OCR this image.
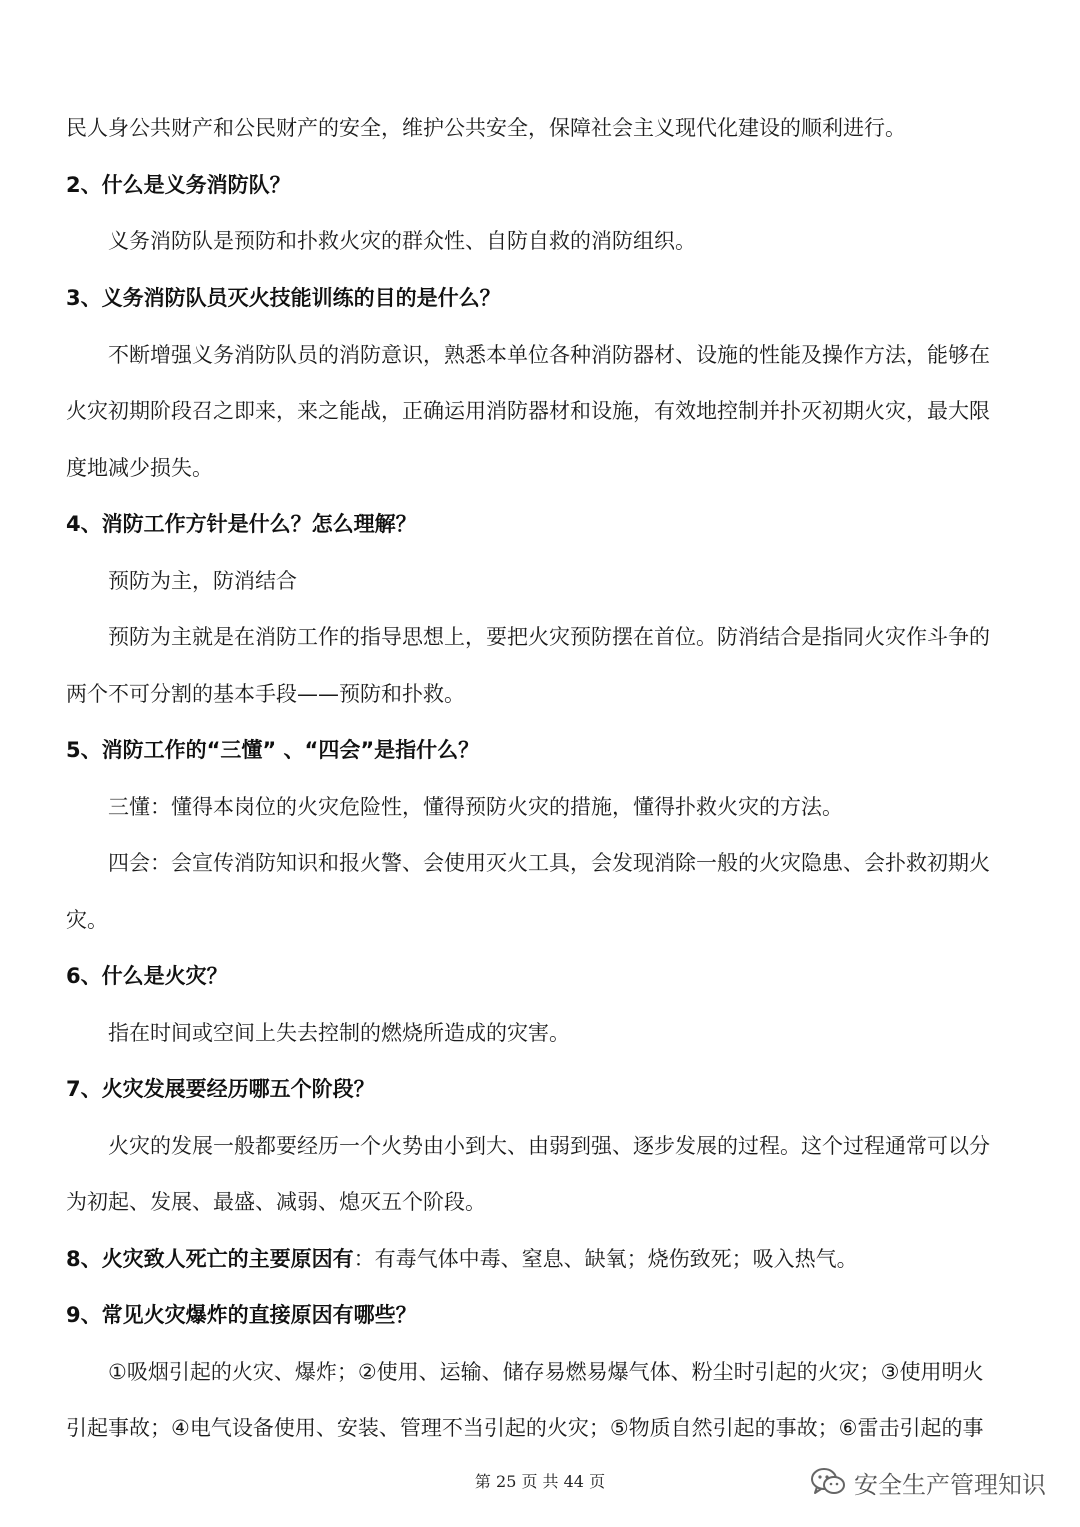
民人身公共财产和公民财产的安全，维护公共安全，保障社会主义现代化建设的顺利进行。
2、什么是义务消防队？
义务消防队是预防和扑救火灾的群众性、自防自救的消防组织。
3、义务消防队员灭火技能训练的目的是什么？
不断增强义务消防队员的消防意识，熟悉本单位各种消防器材、设施的性能及操作方法，能够在
火灾初期阶段召之即来，来之能战，正确运用消防器材和设施，有效地控制并扑灭初期火灾，最大限
度地减少损失。
4、消防工作方针是什么？怎么理解？
预防为主，防消结合
预防为主就是在消防工作的指导思想上，要把火灾预防摆在首位。防消结合是指同火灾作斗争的
两个不可分割的基本手段——预防和扑救。
5、消防工作的“三懂” 、“四会”是指什么？
三懂：懂得本岗位的火灾危险性，懂得预防火灾的措施，懂得扑救火灾的方法。
四会：会宣传消防知识和报火警、会使用灭火工具，会发现消除一般的火灾隐患、会扑救初期火
灾。
6、什么是火灾？
指在时间或空间上失去控制的燃烧所造成的灾害。
7、火灾发展要经历哪五个阶段？
火灾的发展一般都要经历一个火势由小到大、由弱到强、逐步发展的过程。这个过程通常可以分
为初起、发展、最盛、减弱、熄灭五个阶段。
8、火灾致人死亡的主要原因有：有毒气体中毒、窒息、缺氧；烧伤致死；吸入热气。
9、常见火灾爆炸的直接原因有哪些？
①吸烟引起的火灾、爆炸；②使用、运输、储存易燃易爆气体、粉尘时引起的火灾；③使用明火
引起事故；④电气设备使用、安装、管理不当引起的火灾；⑤物质自然引起的事故；⑥雷击引起的事
第 25 页 共 44 页	安全生产管理知识
